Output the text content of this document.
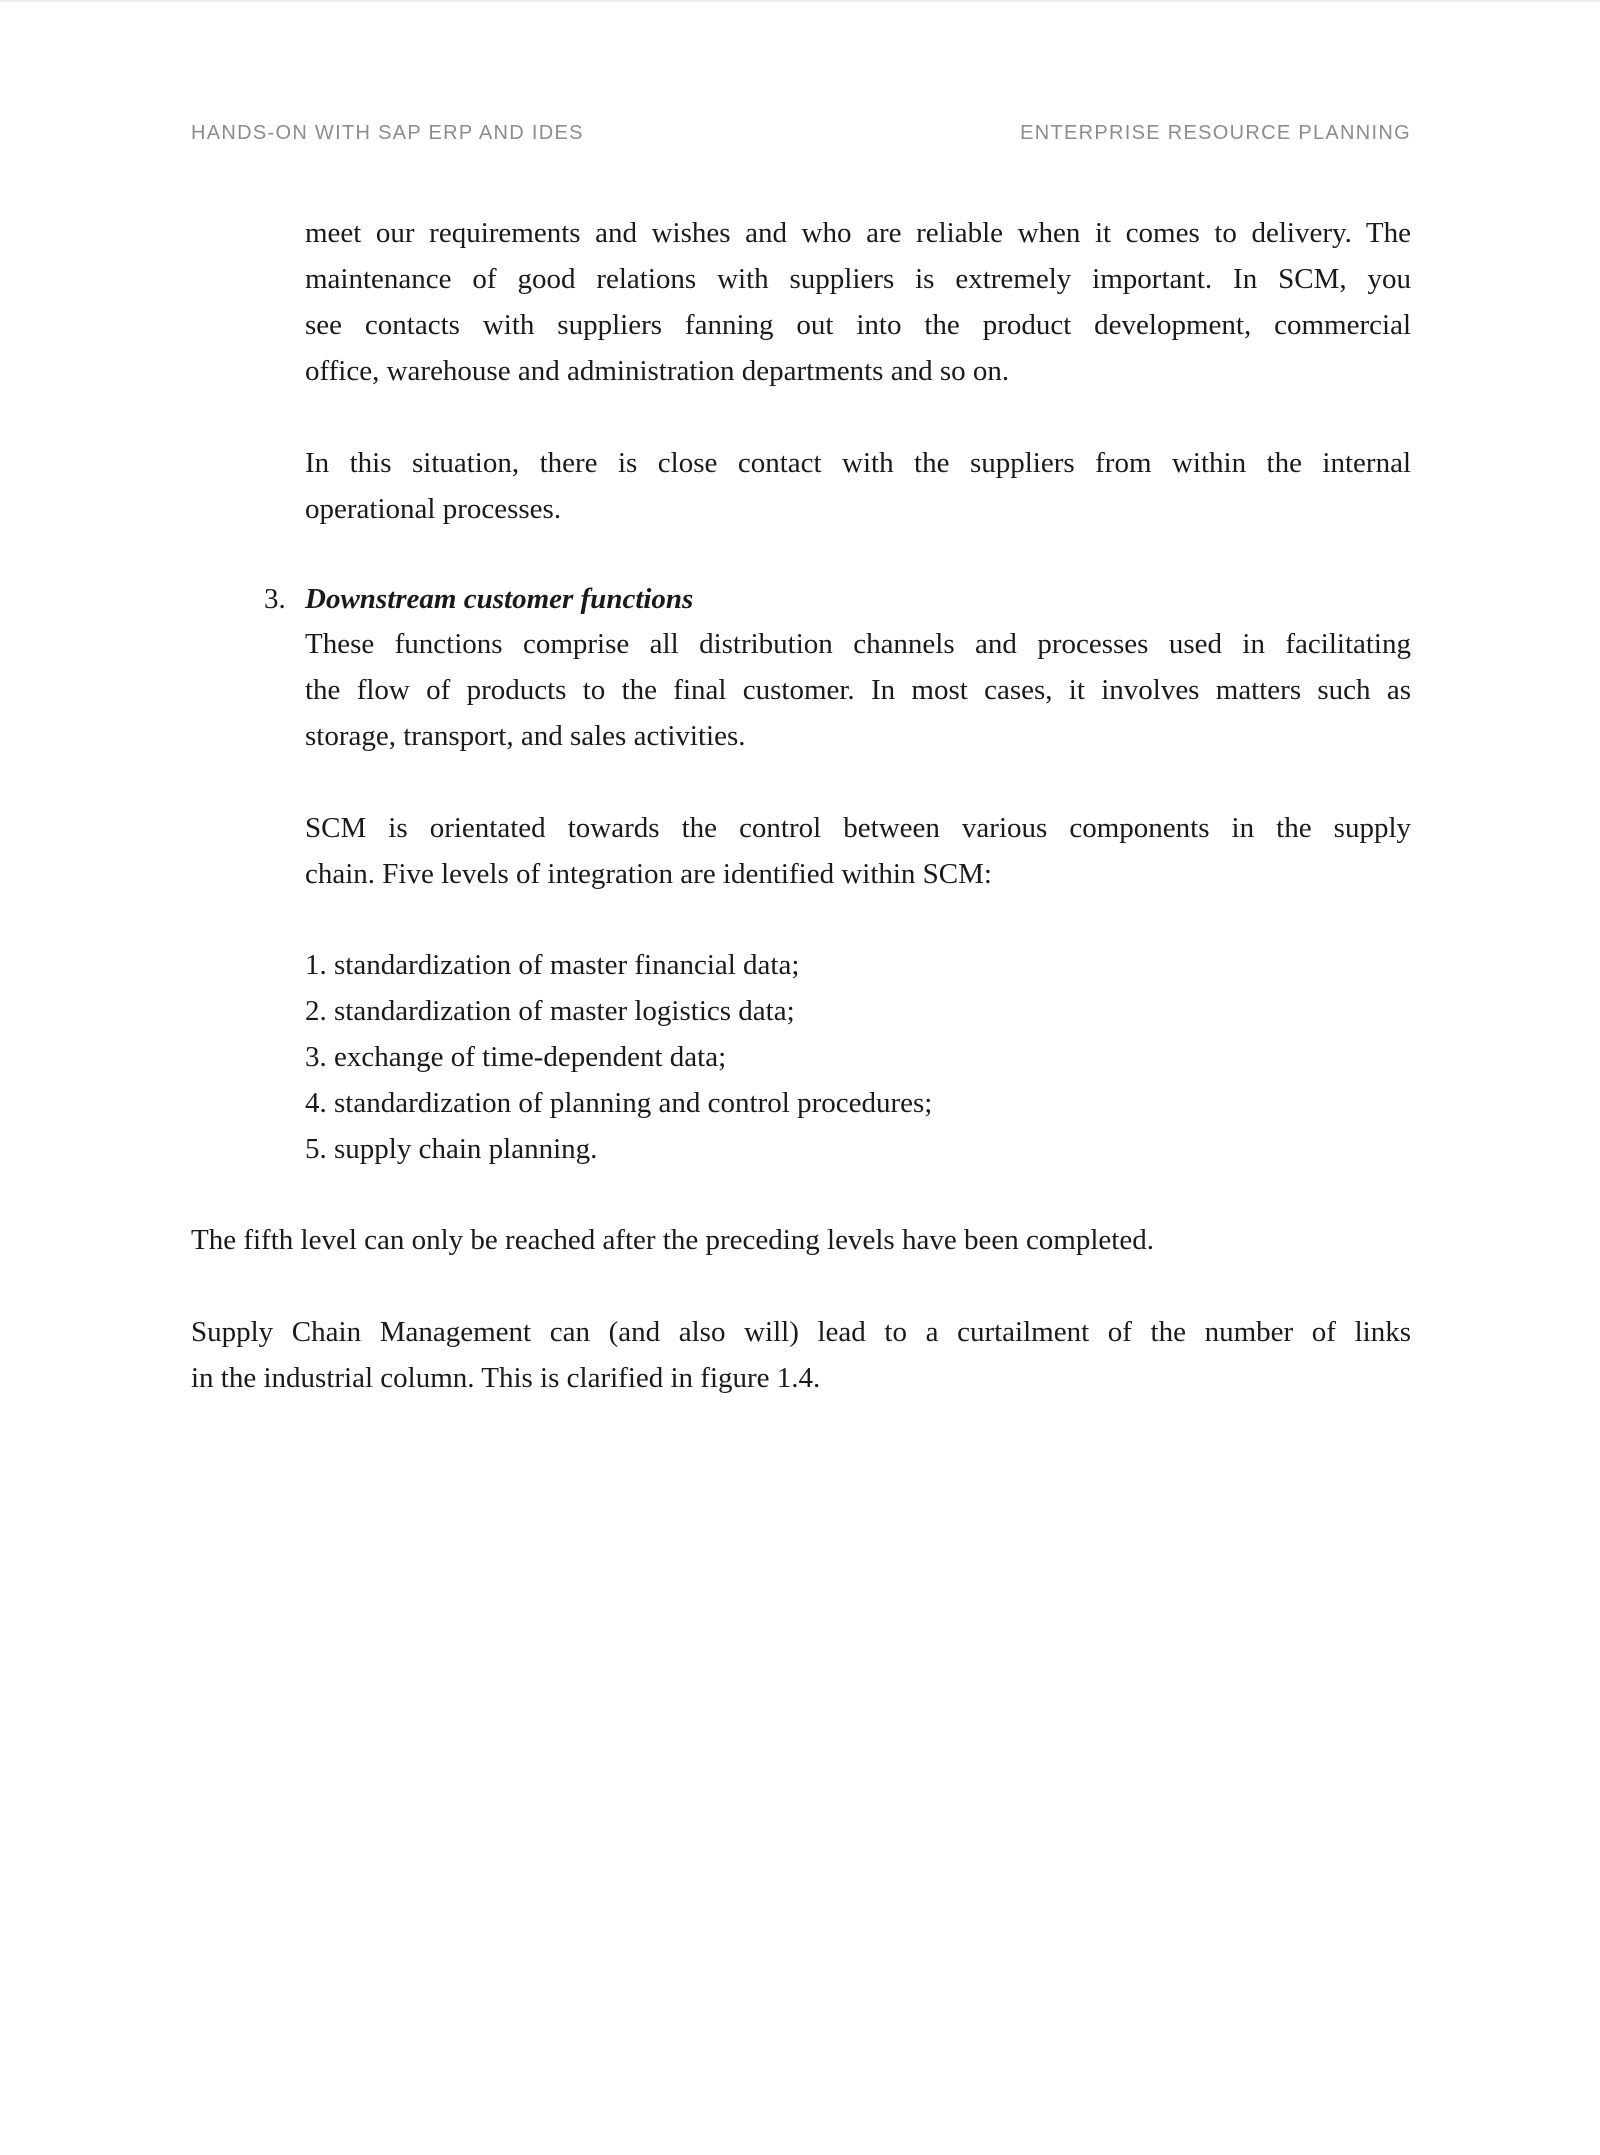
HANDS-ON WITH SAP ERP AND IDES	ENTERPRISE RESOURCE PLANNING
meet our requirements and wishes and who are reliable when it comes to delivery. The
maintenance of good relations with suppliers is extremely important. In SCM, you
see contacts with suppliers fanning out into the product development, commercial
office, warehouse and administration departments and so on.
In this situation, there is close contact with the suppliers from within the internal
operational processes.
3. Downstream customer functions
These functions comprise all distribution channels and processes used in facilitating
the flow of products to the final customer. In most cases, it involves matters such as
storage, transport, and sales activities.
SCM is orientated towards the control between various components in the supply
chain. Five levels of integration are identified within SCM:
1. standardization of master financial data;
2. standardization of master logistics data;
3. exchange of time-dependent data;
4. standardization of planning and control procedures;
5. supply chain planning.
The fifth level can only be reached after the preceding levels have been completed.
Supply Chain Management can (and also will) lead to a curtailment of the number of links
in the industrial column. This is clarified in figure 1.4.
